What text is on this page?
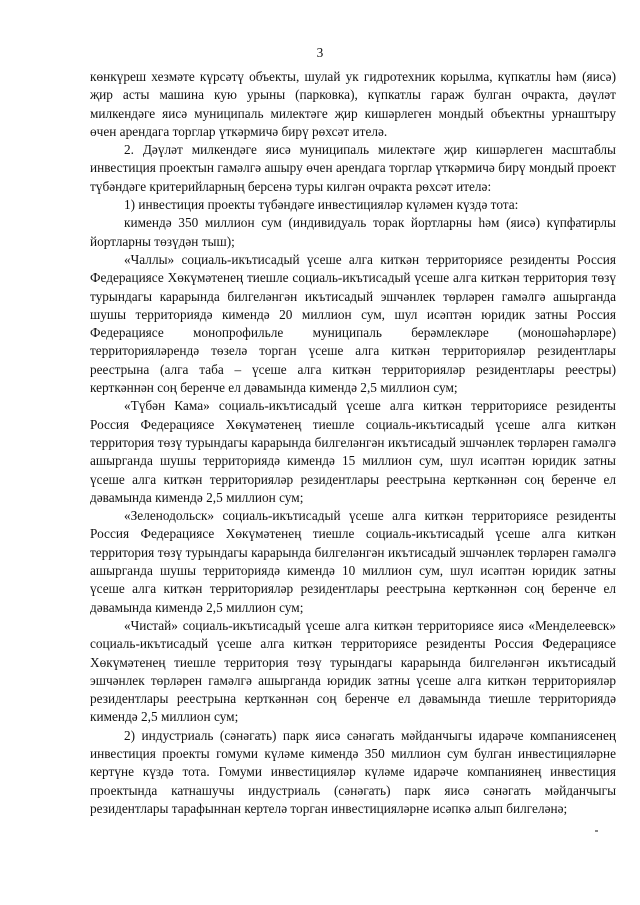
3

көнкүреш хезмәте күрсәтү объекты, шулай ук гидротехник корылма, күпкатлы һәм (яисә) җир асты машина кую урыны (парковка), күпкатлы гараж булган очракта, дәүләт милкендәге яисә муниципаль милектәге җир кишәрлеген мондый объектны урнаштыру өчен арендага торглар үткәрмичә бирү рөхсәт ителә.

2. Дәүләт милкендәге яисә муниципаль милектәге җир кишәрлеген масштаблы инвестиция проектын гамәлгә ашыру өчен арендага торглар үткәрмичә бирү мондый проект түбәндәге критерийларның берсенә туры килгән очракта рөхсәт ителә:

1) инвестиция проекты түбәндәге инвестицияләр күләмен күздә тота:

кимендә 350 миллион сум (индивидуаль торак йортларны һәм (яисә) күпфатирлы йортларны төзүдән тыш);

«Чаллы» социаль-икътисадый үсеше алга киткән территориясе резиденты Россия Федерациясе Хөкүмәтенең тиешле социаль-икътисадый үсеше алга киткән территория төзү турындагы карарында билгеләнгән икътисадый эшчәнлек төрләрен гамәлгә ашырганда шушы территориядә кимендә 20 миллион сум, шул исәптән юридик затны Россия Федерациясе монопрофильле муниципаль берәмлекләре (моношәһәрләре) территорияләрендә төзелә торган үсеше алга киткән территорияләр резидентлары реестрына (алга таба – үсеше алга киткән территорияләр резидентлары реестры) керткәннән соң беренче ел дәвамында кимендә 2,5 миллион сум;

«Түбән Кама» социаль-икътисадый үсеше алга киткән территориясе резиденты Россия Федерациясе Хөкүмәтенең тиешле социаль-икътисадый үсеше алга киткән территория төзү турындагы карарында билгеләнгән икътисадый эшчәнлек төрләрен гамәлгә ашырганда шушы территориядә кимендә 15 миллион сум, шул исәптән юридик затны үсеше алга киткән территорияләр резидентлары реестрына керткәннән соң беренче ел дәвамында кимендә 2,5 миллион сум;

«Зеленодольск» социаль-икътисадый үсеше алга киткән территориясе резиденты Россия Федерациясе Хөкүмәтенең тиешле социаль-икътисадый үсеше алга киткән территория төзү турындагы карарында билгеләнгән икътисадый эшчәнлек төрләрен гамәлгә ашырганда шушы территориядә кимендә 10 миллион сум, шул исәптән юридик затны үсеше алга киткән территорияләр резидентлары реестрына керткәннән соң беренче ел дәвамында кимендә 2,5 миллион сум;

«Чистай» социаль-икътисадый үсеше алга киткән территориясе яисә «Менделеевск» социаль-икътисадый үсеше алга киткән территориясе резиденты Россия Федерациясе Хөкүмәтенең тиешле территория төзү турындагы карарында билгеләнгән икътисадый эшчәнлек төрләрен гамәлгә ашырганда юридик затны үсеше алга киткән территорияләр резидентлары реестрына керткәннән соң беренче ел дәвамында тиешле территориядә кимендә 2,5 миллион сум;

2) индустриаль (сәнәгать) парк яисә сәнәгать мәйданчыгы идарәче компаниясенең инвестиция проекты гомуми күләме кимендә 350 миллион сум булган инвестицияләрне кертүне күздә тота. Гомуми инвестицияләр күләме идарәче компаниянең инвестиция проектында катнашучы индустриаль (сәнәгать) парк яисә сәнәгать мәйданчыгы резидентлары тарафыннан кертелә торган инвестицияләрне исәпкә алып билгеләнә;
